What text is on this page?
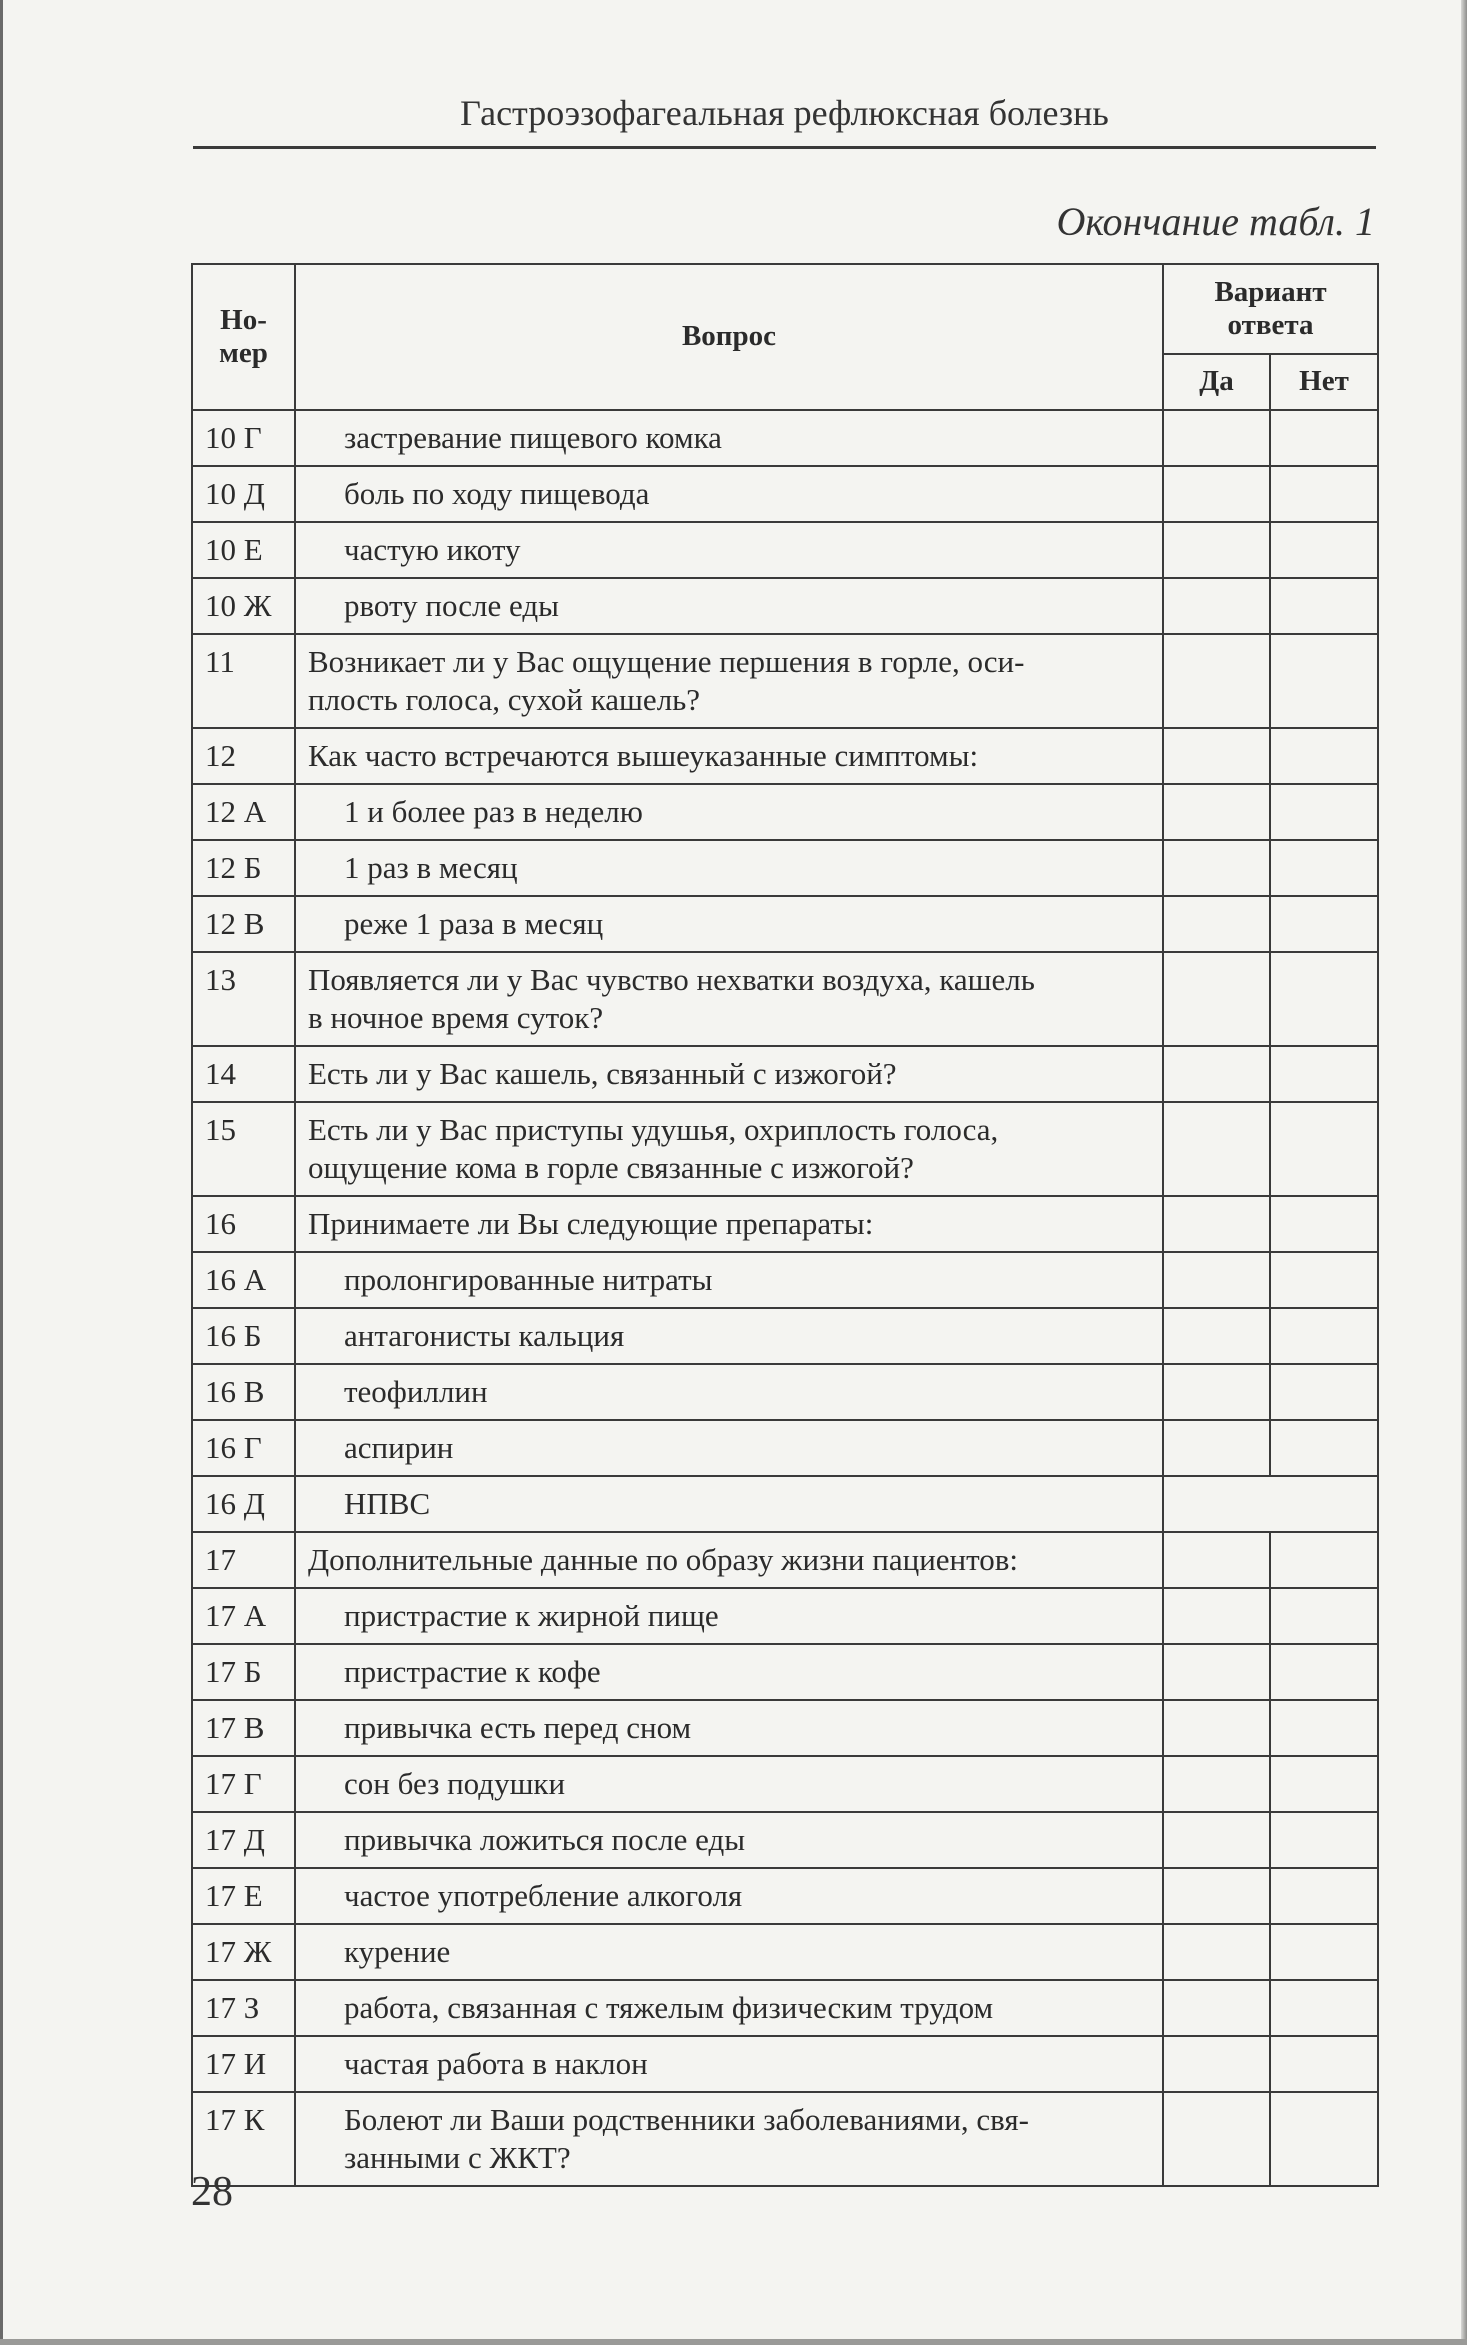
Гастроэзофагеальная рефлюксная болезнь
Окончание табл. 1
Но-
мер	Вопрос	Вариант
ответа	
		Да	Нет
10 Г	застревание пищевого комка		
10 Д	боль по ходу пищевода		
10 Е	частую икоту		
10 Ж	рвоту после еды		
11	Возникает ли у Вас ощущение першения в горле, оси-
плость голоса, сухой кашель?		
12	Как часто встречаются вышеуказанные симптомы:		
12 А	1 и более раз в неделю		
12 Б	1 раз в месяц		
12 В	реже 1 раза в месяц		
13	Появляется ли у Вас чувство нехватки воздуха, кашель
в ночное время суток?		
14	Есть ли у Вас кашель, связанный с изжогой?		
15	Есть ли у Вас приступы удушья, охриплость голоса,
ощущение кома в горле связанные с изжогой?		
16	Принимаете ли Вы следующие препараты:		
16 А	пролонгированные нитраты		
16 Б	антагонисты кальция		
16 В	теофиллин		
16 Г	аспирин		
16 Д	НПВС		
17	Дополнительные данные по образу жизни пациентов:		
17 А	пристрастие к жирной пище		
17 Б	пристрастие к кофе		
17 В	привычка есть перед сном		
17 Г	сон без подушки		
17 Д	привычка ложиться после еды		
17 Е	частое употребление алкоголя		
17 Ж	курение		
17 З	работа, связанная с тяжелым физическим трудом		
17 И	частая работа в наклон		
17 К	Болеют ли Ваши родственники заболеваниями, свя-
занными с ЖКТ?		
28
